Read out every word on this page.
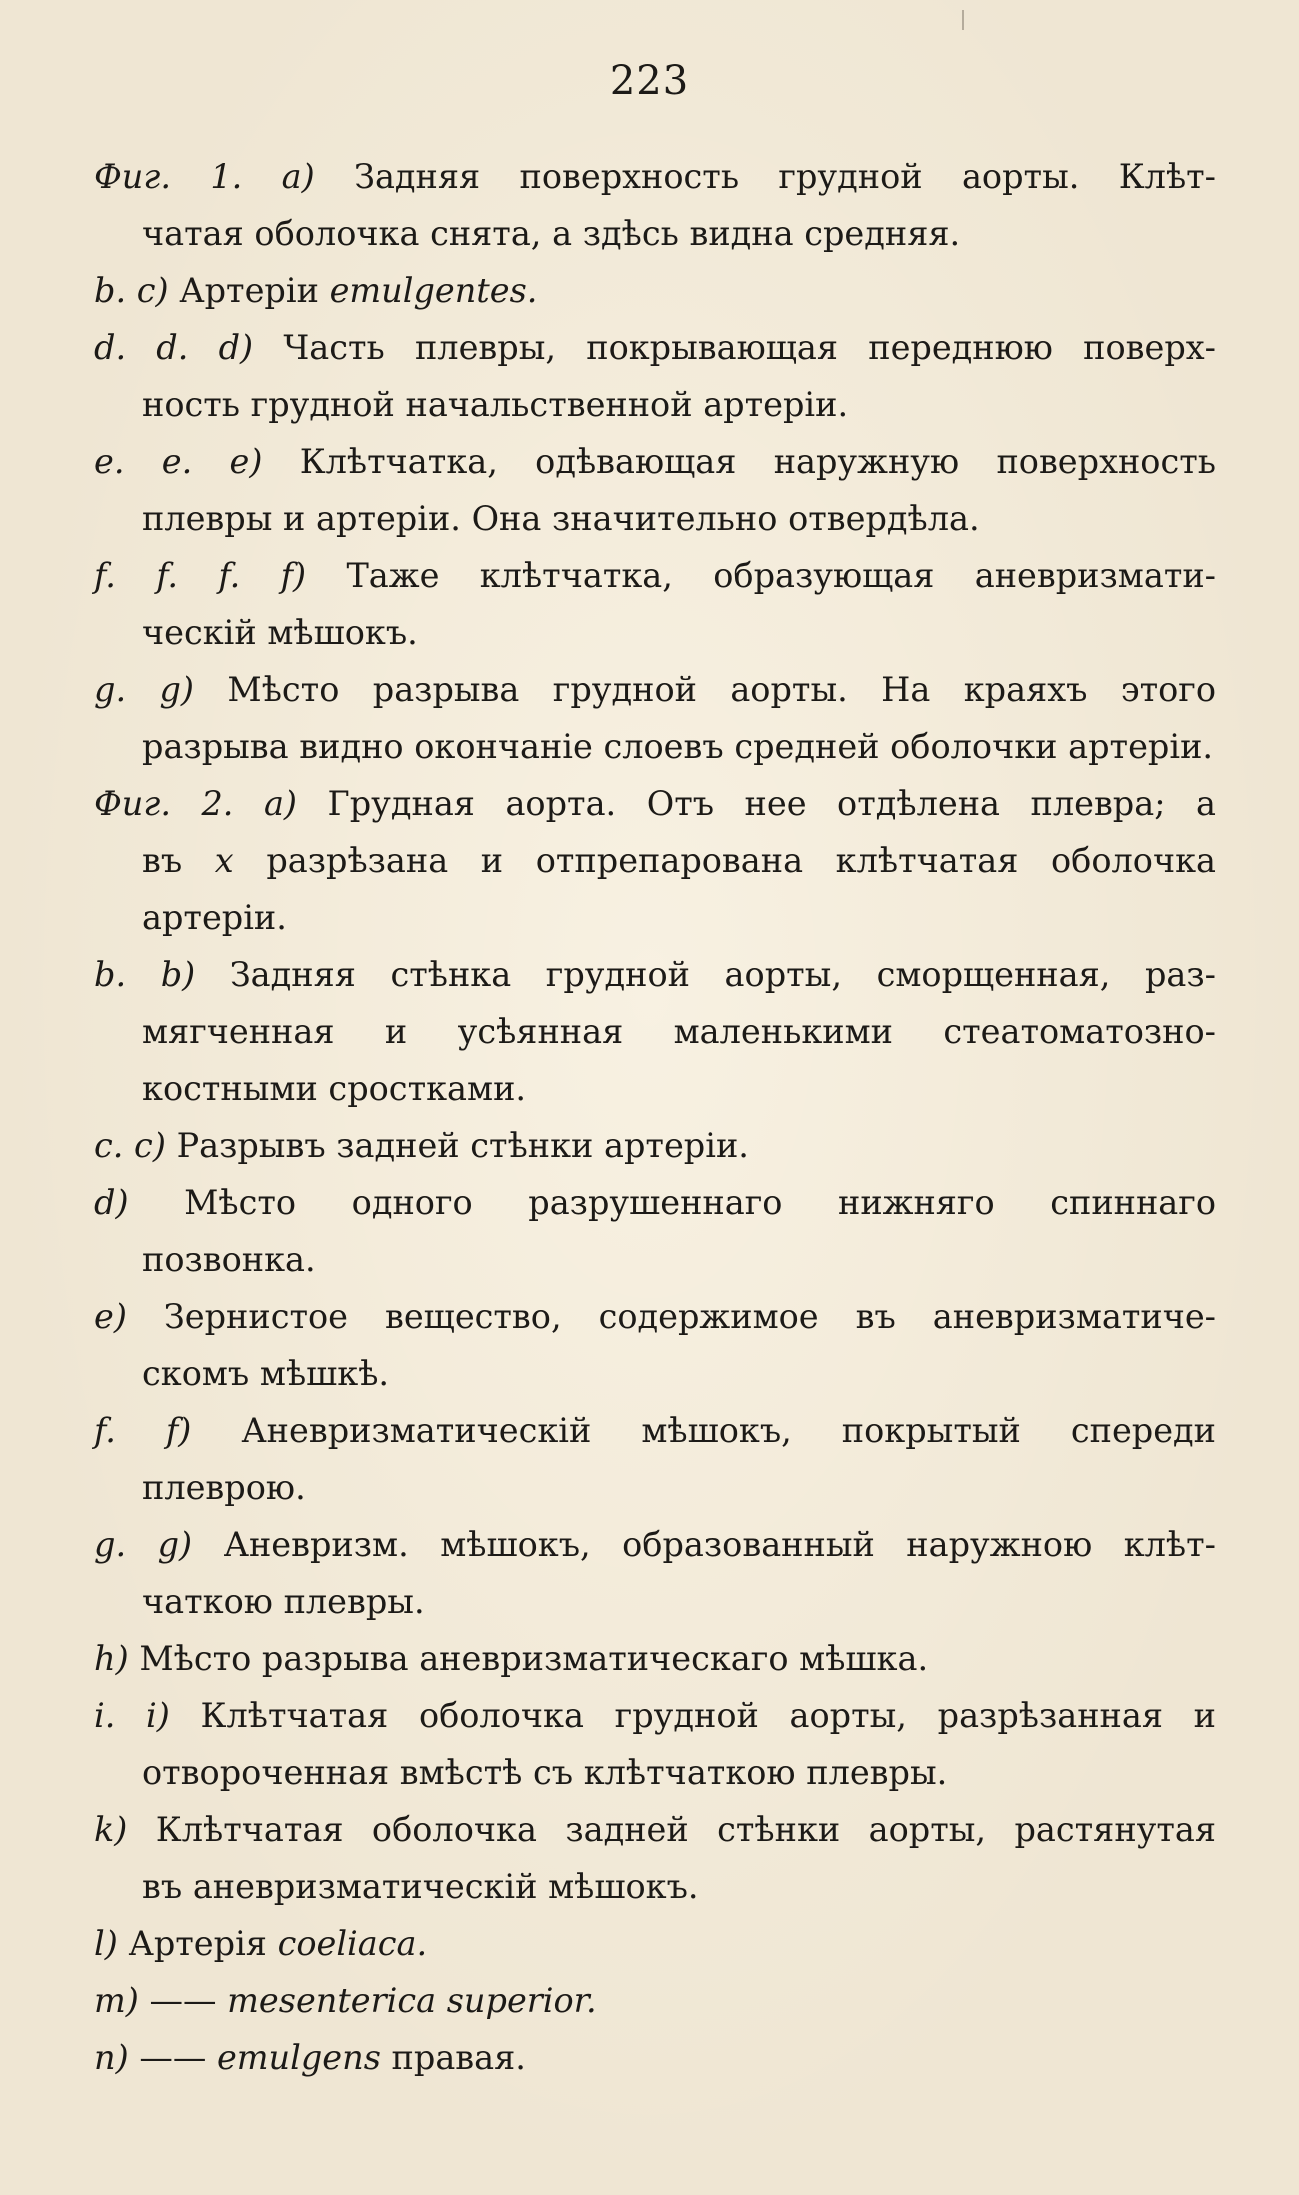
223

Фиг. 1. a) Задняя поверхность грудной аорты. Клѣт-
чатая оболочка снята, а здѣсь видна средняя.

b. c) Артеріи emulgentes.

d. d. d) Часть плевры, покрывающая переднюю поверх-
ность грудной начальственной артеріи.

e. e. e) Клѣтчатка, одѣвающая наружную поверхность
плевры и артеріи. Она значительно отвердѣла.

f. f. f. f) Таже клѣтчатка, образующая аневризмати-
ческій мѣшокъ.

g. g) Мѣсто разрыва грудной аорты. На краяхъ этого
разрыва видно окончаніе слоевъ средней оболочки артеріи.

Фиг. 2. a) Грудная аорта. Отъ нее отдѣлена плевра; а
въ x разрѣзана и отпрепарована клѣтчатая оболочка артеріи.

b. b) Задняя стѣнка грудной аорты, сморщенная, раз-
мягченная и усѣянная маленькими стеатоматозно-костными сростками.

c. c) Разрывъ задней стѣнки артеріи.

d) Мѣсто одного разрушеннаго нижняго спиннаго
позвонка.

e) Зернистое вещество, содержимое въ аневризматиче-
скомъ мѣшкѣ.

f. f) Аневризматическій мѣшокъ, покрытый спереди
плеврою.

g. g) Аневризм. мѣшокъ, образованный наружною клѣт-
чаткою плевры.

h) Мѣсто разрыва аневризматическаго мѣшка.

i. i) Клѣтчатая оболочка грудной аорты, разрѣзанная и
отвороченная вмѣстѣ съ клѣтчаткою плевры.

k) Клѣтчатая оболочка задней стѣнки аорты, растянутая
въ аневризматическій мѣшокъ.

l) Артерія coeliaca.

m) —— mesenterica superior.

n) —— emulgens правая.
